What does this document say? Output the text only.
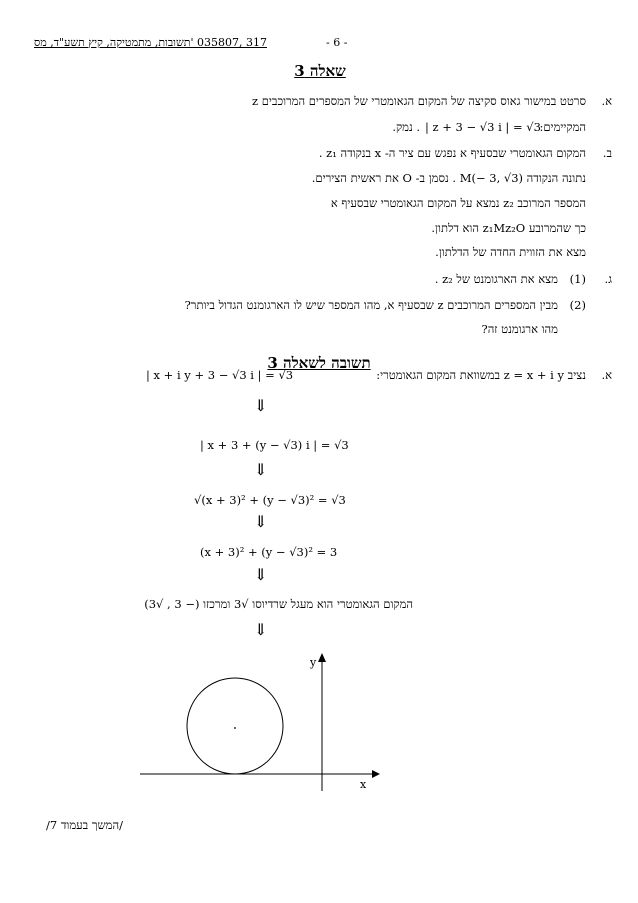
317 ,035807 'תשובות, מתמטיקה, קיץ תשע"ד, מס	- 6 -
שאלה 3
א.
סרטט במישור גאוס סקיצה של המקום הגאומטרי של המספרים המרוכבים z
המקיימים:
| z + 3 − √3 i | = √3
. נמק.
ב.
המקום הגאומטרי שבסעיף א נפגש עם ציר ה- x בנקודה z₁ .
נתונה הנקודה M(− 3, √3) . נסמן ב- O את ראשית הצירים.
המספר המרוכב z₂ נמצא על המקום הגאומטרי שבסעיף א
כך שהמרובע z₁Mz₂O הוא דלתון.
מצא את הזווית החדה של הדלתון.
ג.
(1)
מצא את הארגומנט של z₂ .
(2)
מבין המספרים המרוכבים z שבסעיף א, מהו המספר שיש לו הארגומנט הגדול ביותר?
מהו ארגומנט זה?
תשובה לשאלה 3
א.
נציב z = x + i y במשוואת המקום הגאומטרי:
| x + i y + 3 − √3 i | = √3
⇓
| x + 3 + (y − √3) i | = √3
⇓
√(x + 3)² + (y − √3)² = √3
⇓
(x + 3)² + (y − √3)² = 3
⇓
המקום הגאומטרי הוא מעגל שרדיוסו √3 ומרכזו (− 3 , √3)
⇓
x
y
/המשך בעמוד 7/
